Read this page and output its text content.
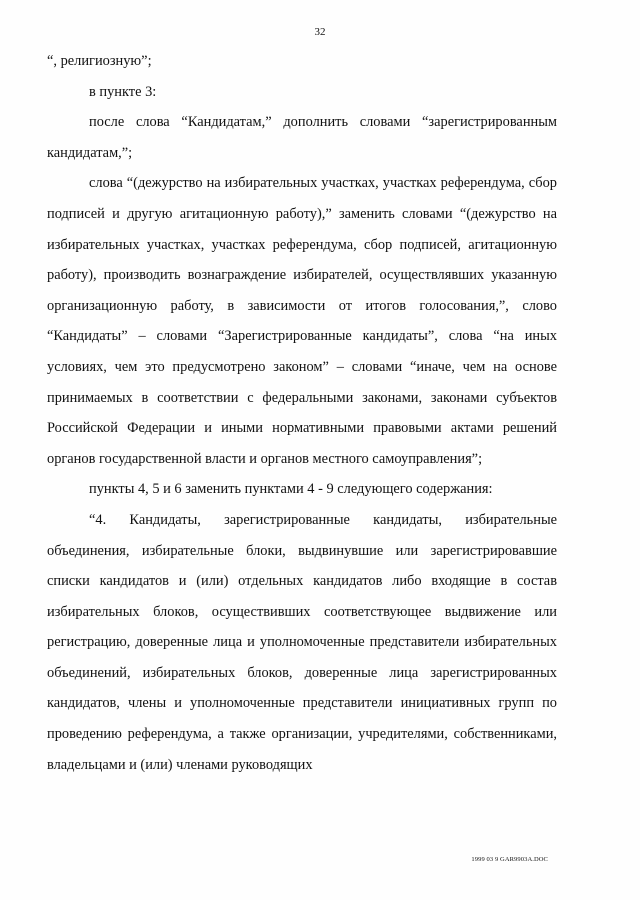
32

“, религиозную”;

в пункте 3:

после слова “Кандидатам,” дополнить словами “зарегистрированным кандидатам,”;

слова “(дежурство на избирательных участках, участках референдума, сбор подписей и другую агитационную работу),” заменить словами “(дежурство на избирательных участках, участках референдума, сбор подписей, агитационную работу), производить вознаграждение избирателей, осуществлявших указанную организационную работу, в зависимости от итогов голосования,”, слово “Кандидаты” – словами “Зарегистрированные кандидаты”, слова “на иных условиях, чем это предусмотрено законом” – словами “иначе, чем на основе принимаемых в соответствии с федеральными законами, законами субъектов Российской Федерации и иными нормативными правовыми актами решений органов государственной власти и органов местного самоуправления”;

пункты 4, 5 и 6 заменить пунктами 4 - 9 следующего содержания:

“4. Кандидаты, зарегистрированные кандидаты, избирательные объединения, избирательные блоки, выдвинувшие или зарегистрировавшие списки кандидатов и (или) отдельных кандидатов либо входящие в состав избирательных блоков, осуществивших соответствующее выдвижение или регистрацию, доверенные лица и уполномоченные представители избирательных объединений, избирательных блоков, доверенные лица зарегистрированных кандидатов, члены и уполномоченные представители инициативных групп по проведению референдума, а также организации, учредителями, собственниками, владельцами и (или) членами руководящих

1999 03 9 GAR9903A.DOC
